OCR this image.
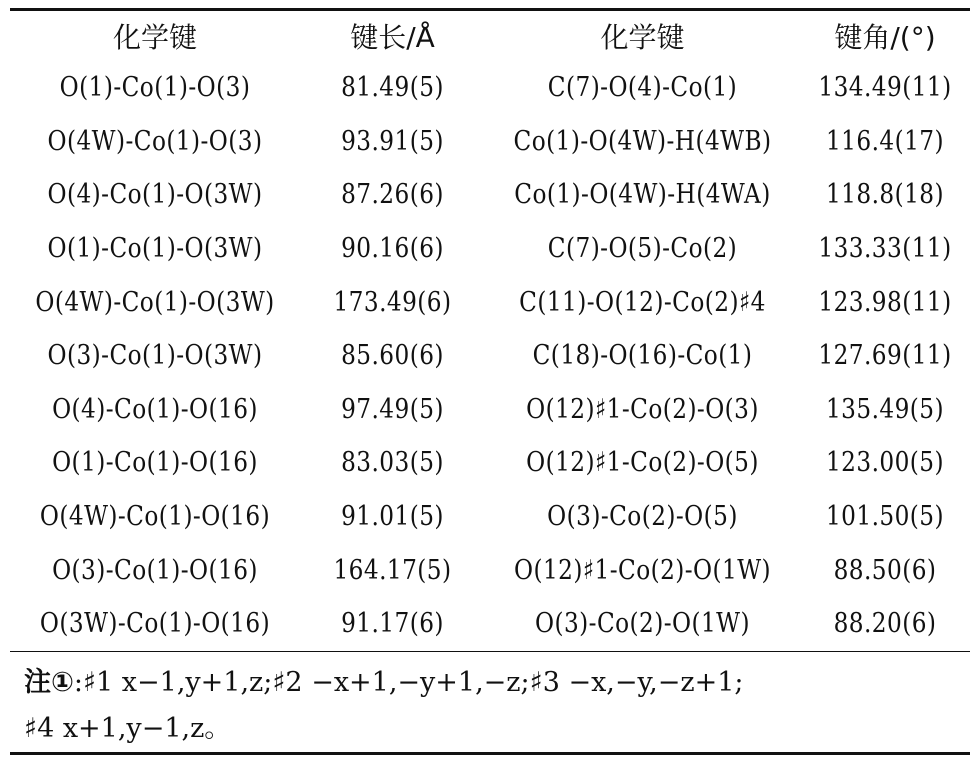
化学键	键长/Å	化学键	键角/(°)
O(1)-Co(1)-O(3)	81.49(5)	C(7)-O(4)-Co(1)	134.49(11)
O(4W)-Co(1)-O(3)	93.91(5)	Co(1)-O(4W)-H(4WB)	116.4(17)
O(4)-Co(1)-O(3W)	87.26(6)	Co(1)-O(4W)-H(4WA)	118.8(18)
O(1)-Co(1)-O(3W)	90.16(6)	C(7)-O(5)-Co(2)	133.33(11)
O(4W)-Co(1)-O(3W)	173.49(6)	C(11)-O(12)-Co(2)♯4	123.98(11)
O(3)-Co(1)-O(3W)	85.60(6)	C(18)-O(16)-Co(1)	127.69(11)
O(4)-Co(1)-O(16)	97.49(5)	O(12)♯1-Co(2)-O(3)	135.49(5)
O(1)-Co(1)-O(16)	83.03(5)	O(12)♯1-Co(2)-O(5)	123.00(5)
O(4W)-Co(1)-O(16)	91.01(5)	O(3)-Co(2)-O(5)	101.50(5)
O(3)-Co(1)-O(16)	164.17(5)	O(12)♯1-Co(2)-O(1W)	88.50(6)
O(3W)-Co(1)-O(16)	91.17(6)	O(3)-Co(2)-O(1W)	88.20(6)
注①:♯1 x−1,y+1,z;♯2 −x+1,−y+1,−z;♯3 −x,−y,−z+1;
♯4 x+1,y−1,z。
